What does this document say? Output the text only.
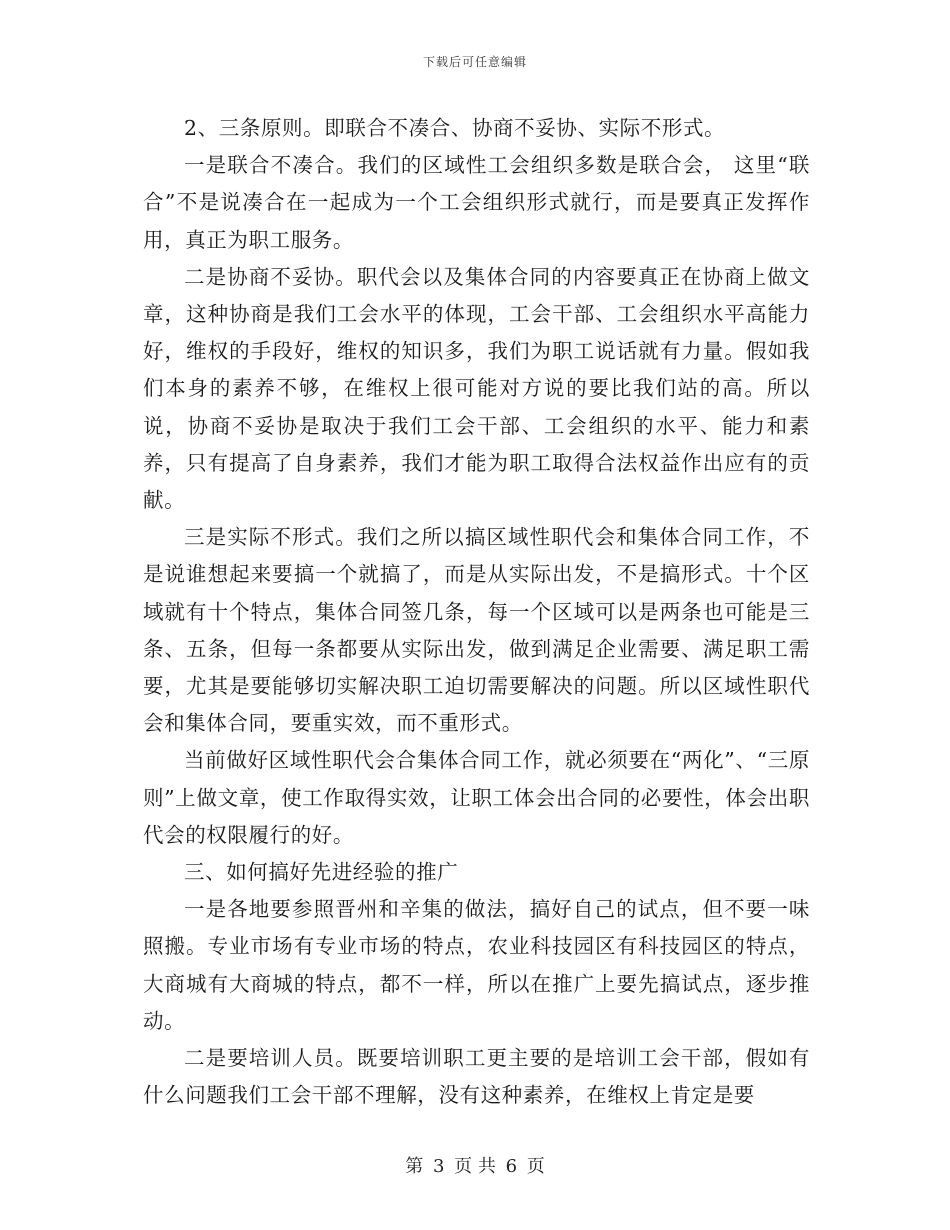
下载后可任意编辑

2、三条原则。即联合不凑合、协商不妥协、实际不形式。

一是联合不凑合。我们的区域性工会组织多数是联合会， 这里“联合”不是说凑合在一起成为一个工会组织形式就行，而是要真正发挥作用，真正为职工服务。

二是协商不妥协。职代会以及集体合同的内容要真正在协商上做文章，这种协商是我们工会水平的体现，工会干部、工会组织水平高能力好，维权的手段好，维权的知识多，我们为职工说话就有力量。假如我们本身的素养不够，在维权上很可能对方说的要比我们站的高。所以说，协商不妥协是取决于我们工会干部、工会组织的水平、能力和素养，只有提高了自身素养，我们才能为职工取得合法权益作出应有的贡献。

三是实际不形式。我们之所以搞区域性职代会和集体合同工作，不是说谁想起来要搞一个就搞了，而是从实际出发，不是搞形式。十个区域就有十个特点，集体合同签几条，每一个区域可以是两条也可能是三条、五条，但每一条都要从实际出发，做到满足企业需要、满足职工需要，尤其是要能够切实解决职工迫切需要解决的问题。所以区域性职代会和集体合同，要重实效，而不重形式。

当前做好区域性职代会合集体合同工作，就必须要在“两化”、“三原则”上做文章，使工作取得实效，让职工体会出合同的必要性，体会出职代会的权限履行的好。

三、如何搞好先进经验的推广

一是各地要参照晋州和辛集的做法，搞好自己的试点，但不要一味照搬。专业市场有专业市场的特点，农业科技园区有科技园区的特点，大商城有大商城的特点，都不一样，所以在推广上要先搞试点，逐步推动。

二是要培训人员。既要培训职工更主要的是培训工会干部，假如有什么问题我们工会干部不理解，没有这种素养，在维权上肯定是要

第 3 页 共 6 页
